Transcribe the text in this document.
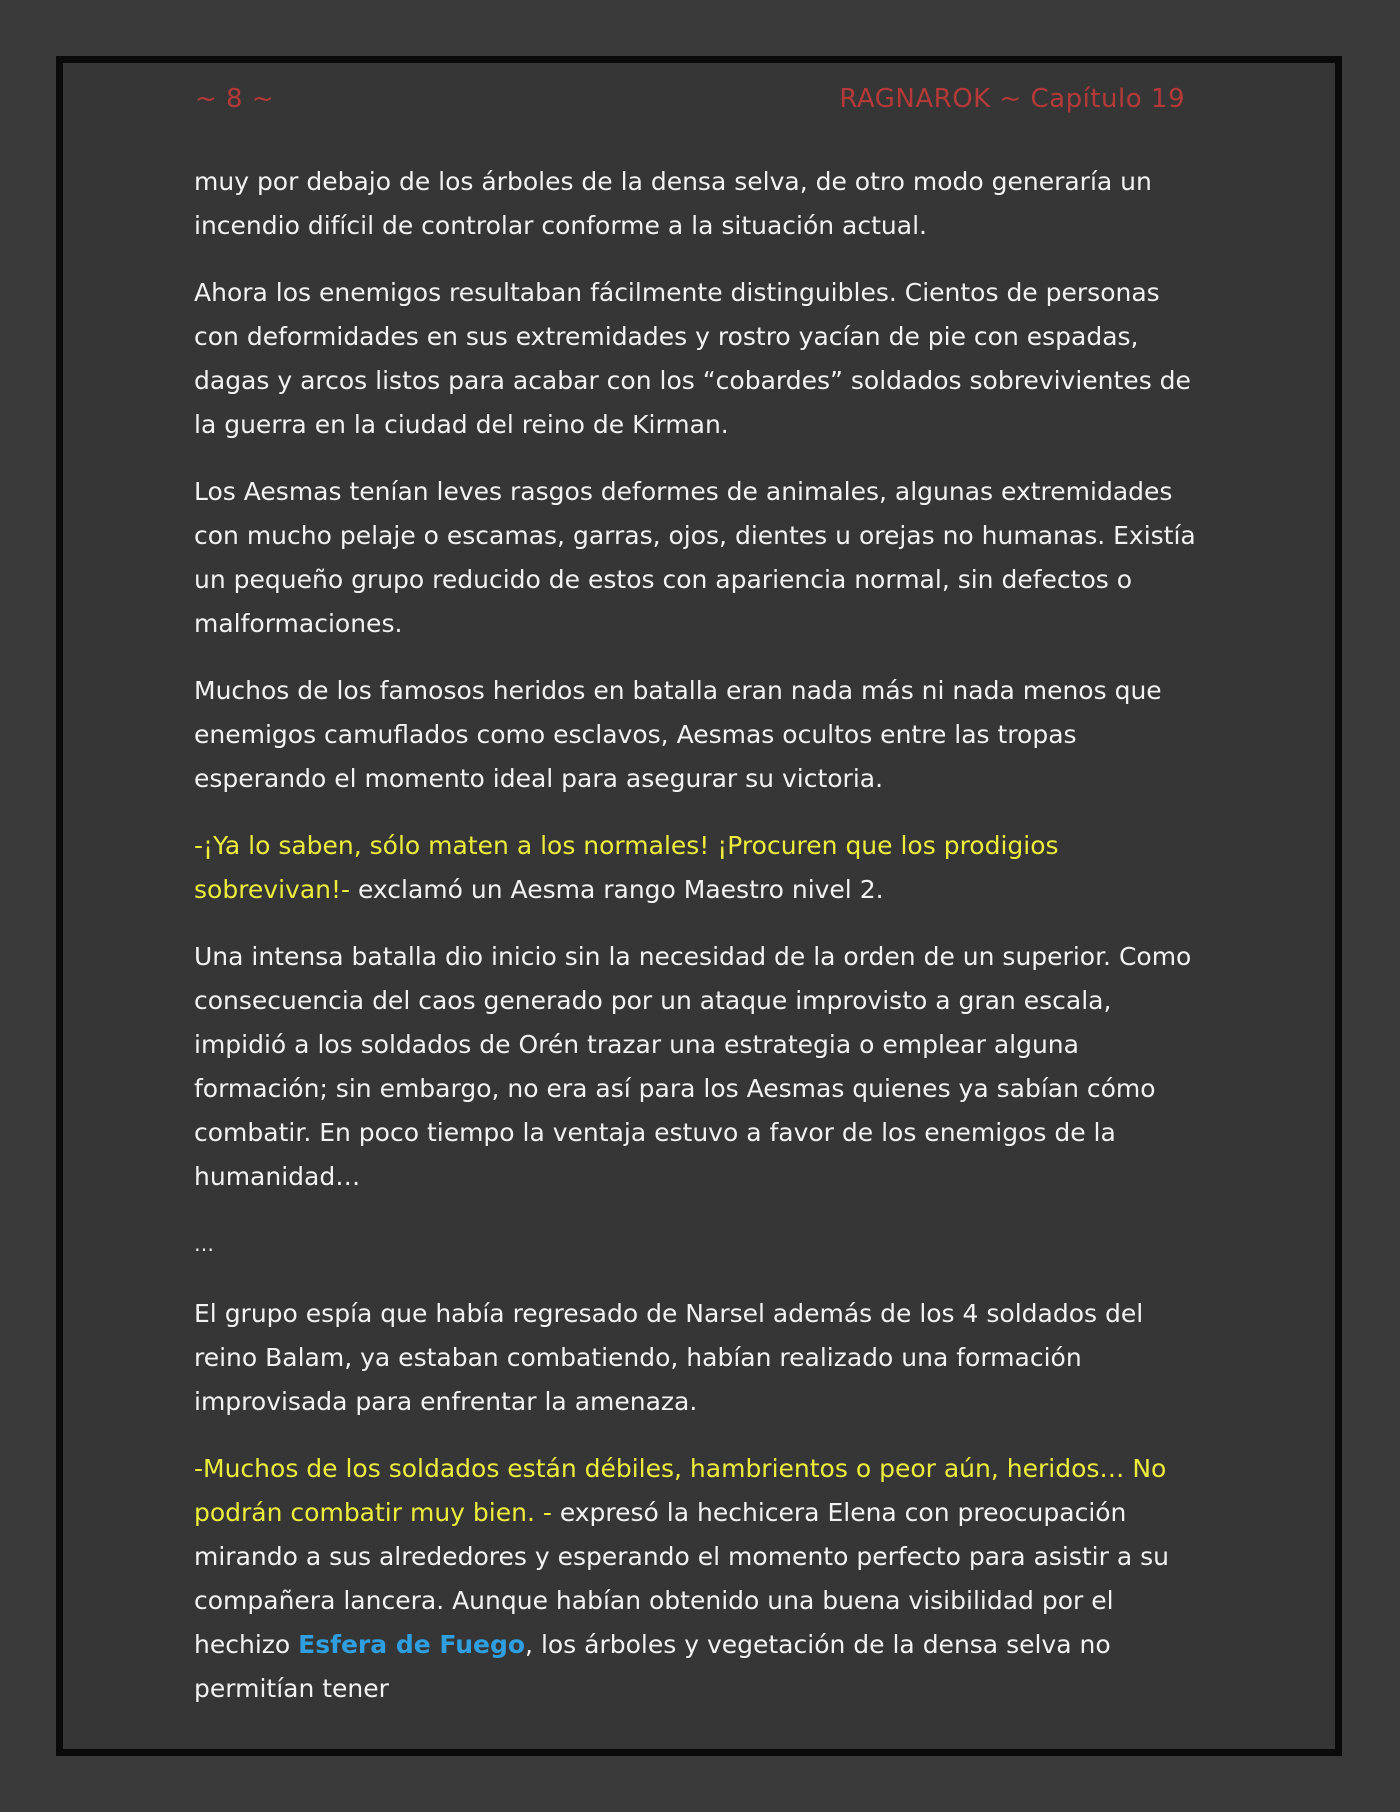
~ 8 ~	RAGNAROK ~ Capítulo 19

muy por debajo de los árboles de la densa selva, de otro modo generaría un incendio difícil de controlar conforme a la situación actual.

Ahora los enemigos resultaban fácilmente distinguibles. Cientos de personas con deformidades en sus extremidades y rostro yacían de pie con espadas, dagas y arcos listos para acabar con los “cobardes” soldados sobrevivientes de la guerra en la ciudad del reino de Kirman.

Los Aesmas tenían leves rasgos deformes de animales, algunas extremidades con mucho pelaje o escamas, garras, ojos, dientes u orejas no humanas. Existía un pequeño grupo reducido de estos con apariencia normal, sin defectos o malformaciones.

Muchos de los famosos heridos en batalla eran nada más ni nada menos que enemigos camuflados como esclavos, Aesmas ocultos entre las tropas esperando el momento ideal para asegurar su victoria.

-¡Ya lo saben, sólo maten a los normales! ¡Procuren que los prodigios sobrevivan!- exclamó un Aesma rango Maestro nivel 2.

Una intensa batalla dio inicio sin la necesidad de la orden de un superior. Como consecuencia del caos generado por un ataque improvisto a gran escala, impidió a los soldados de Orén trazar una estrategia o emplear alguna formación; sin embargo, no era así para los Aesmas quienes ya sabían cómo combatir. En poco tiempo la ventaja estuvo a favor de los enemigos de la humanidad…

…

El grupo espía que había regresado de Narsel además de los 4 soldados del reino Balam, ya estaban combatiendo, habían realizado una formación improvisada para enfrentar la amenaza.

-Muchos de los soldados están débiles, hambrientos o peor aún, heridos… No podrán combatir muy bien. - expresó la hechicera Elena con preocupación mirando a sus alrededores y esperando el momento perfecto para asistir a su compañera lancera. Aunque habían obtenido una buena visibilidad por el hechizo Esfera de Fuego, los árboles y vegetación de la densa selva no permitían tener
